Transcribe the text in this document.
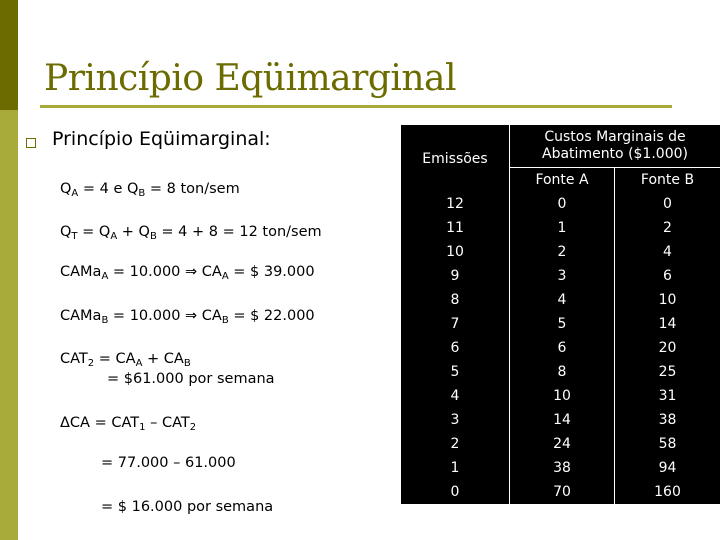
Princípio Eqüimarginal
Princípio Eqüimarginal:
$Q_A = 4$ e $Q_B = 8$ ton/sem
$Q_T = Q_A + Q_B = 4 + 8 = 12$ ton/sem
CAMa$_A$ = 10.000 ⇒ $CA_A$ = $ 39.000
CAMa$_B$ = 10.000 ⇒ $CA_B$ = $ 22.000
$CAT_2 = CA_A + CA_B$
= $61.000 por semana
$\Delta CA = CAT_1 - CAT_2$
= 77.000 – 61.000
= $ 16.000 por semana
Emissões	Custos Marginais de Abatimento ($1.000)	
	Fonte A	Fonte B
12	0	0
11	1	2
10	2	4
9	3	6
8	4	10
7	5	14
6	6	20
5	8	25
4	10	31
3	14	38
2	24	58
1	38	94
0	70	160
